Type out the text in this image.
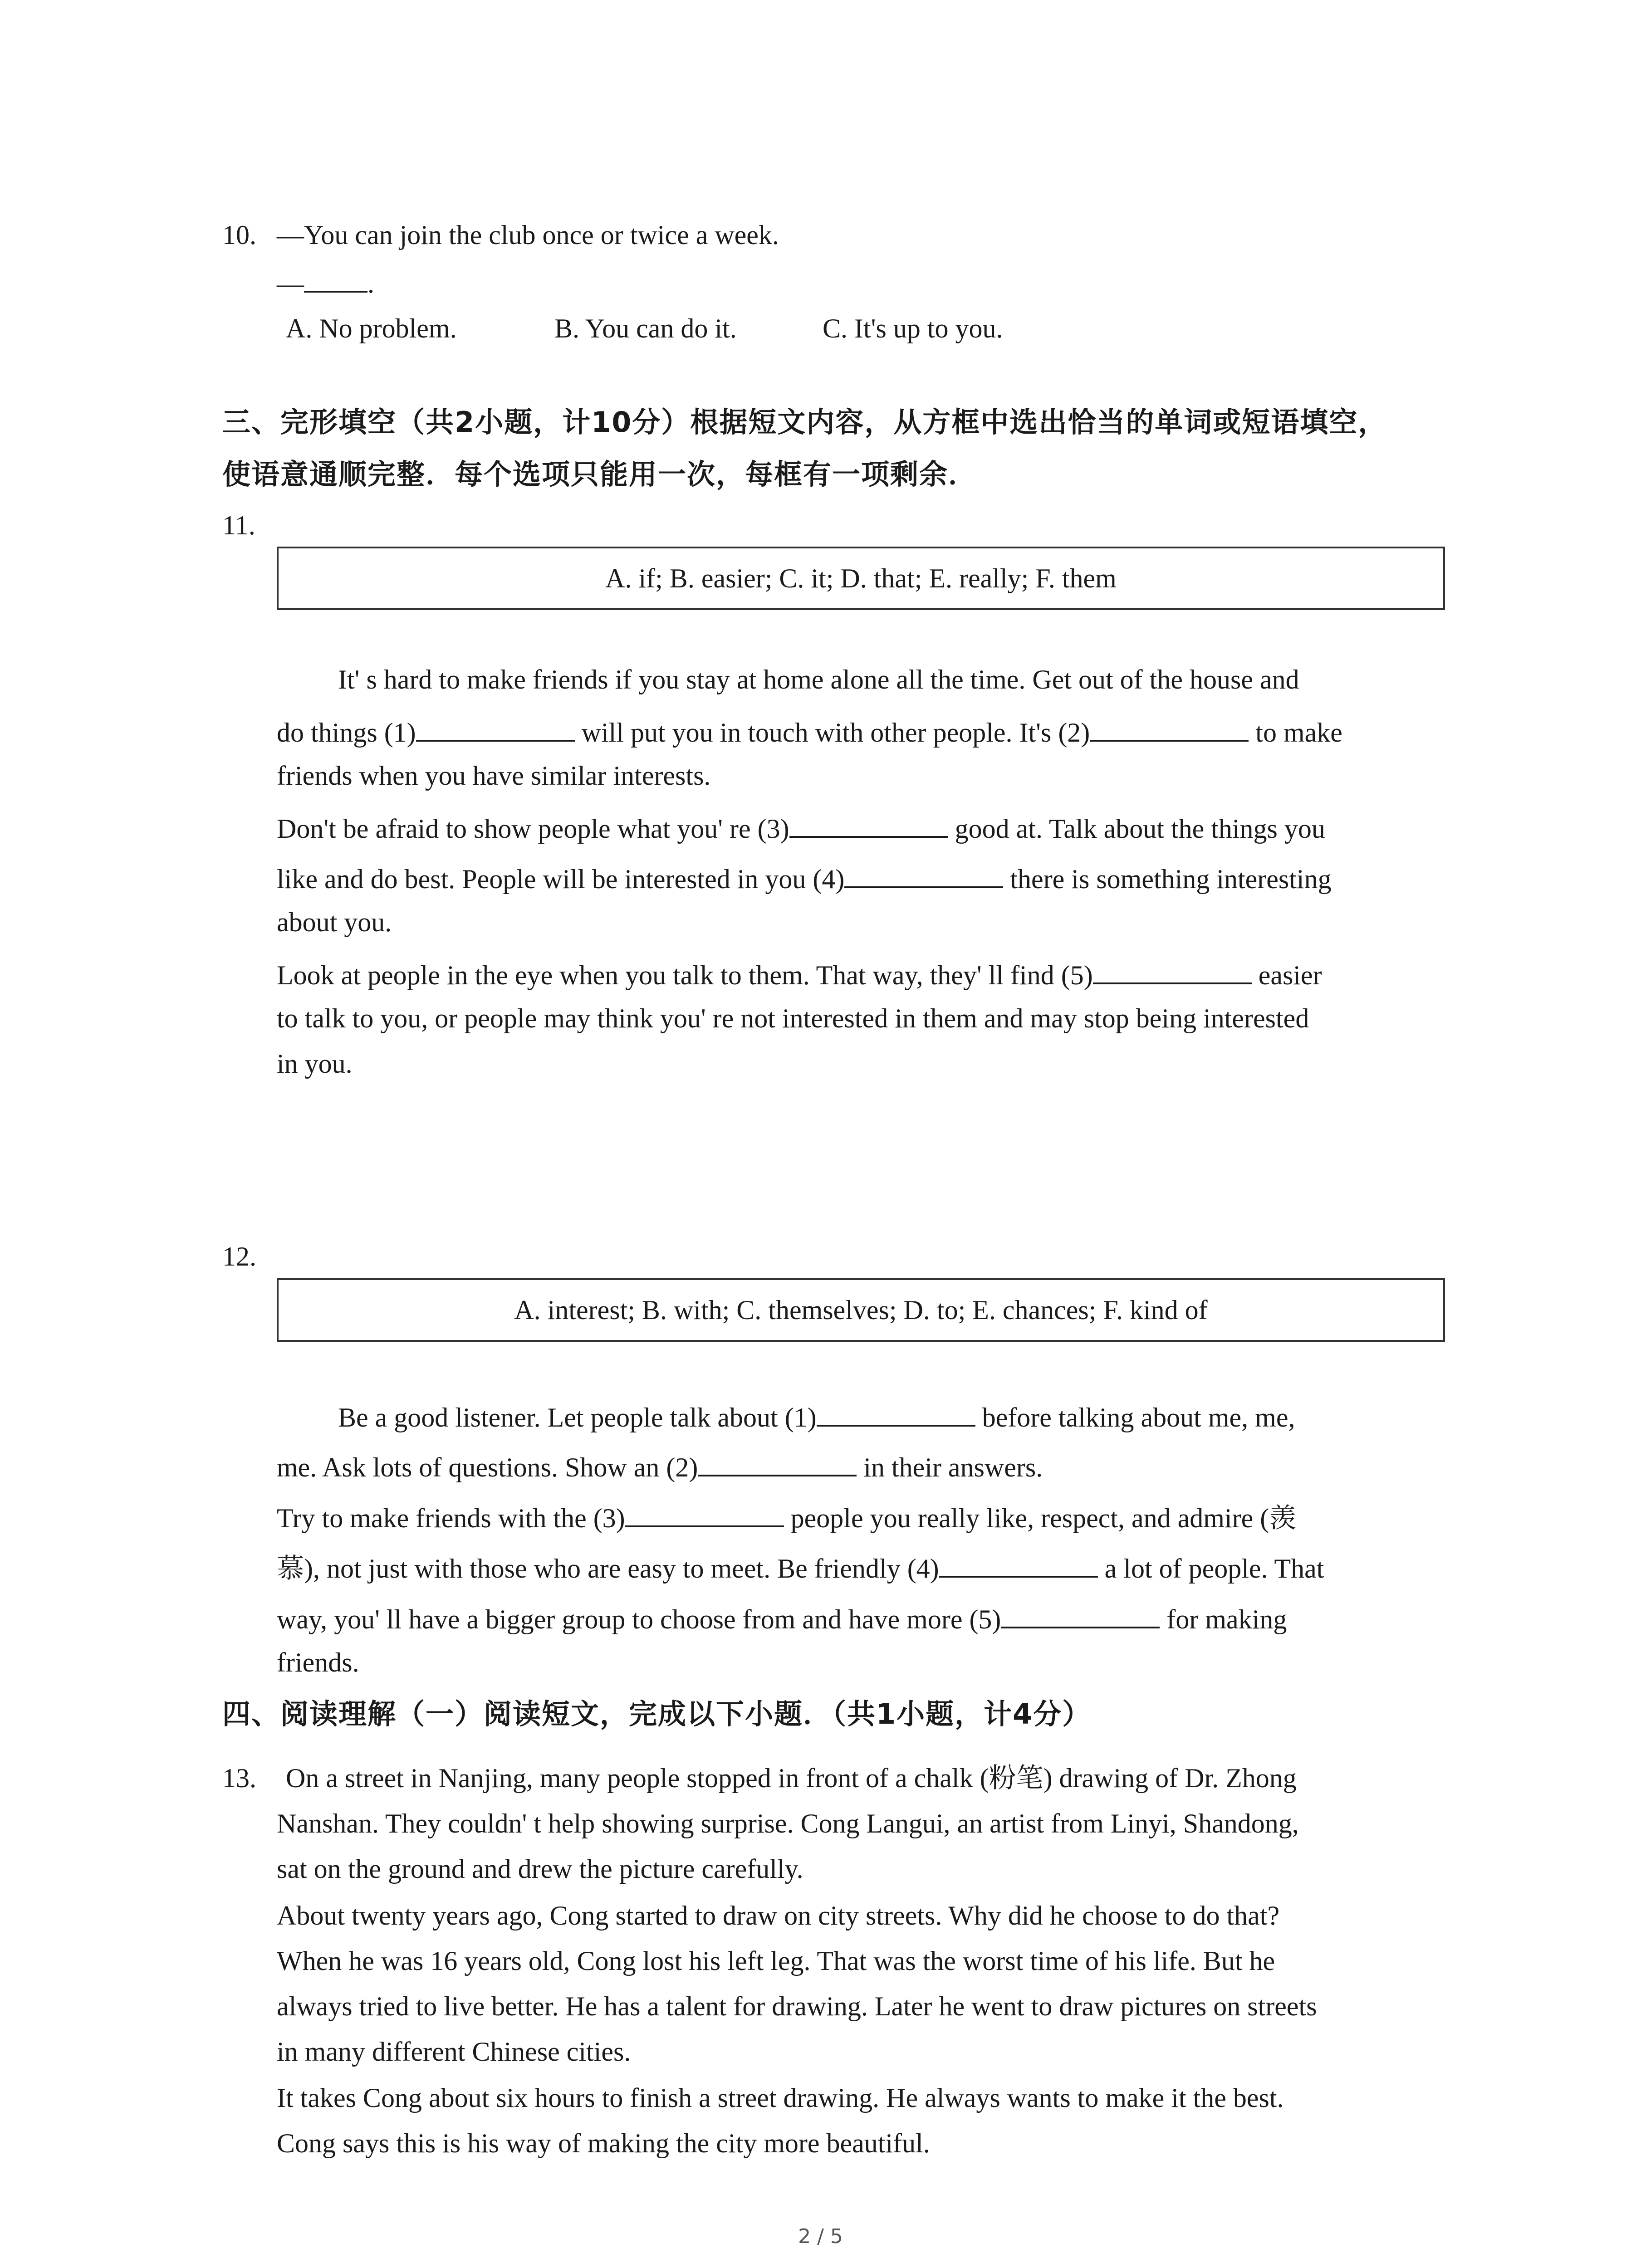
10. —You can join the club once or twice a week.
— .
A. No problem.	B. You can do it.	C. It's up to you.
三、完形填空（共2小题，计10分）根据短文内容，从方框中选出恰当的单词或短语填空，
使语意通顺完整．每个选项只能用一次，每框有一项剩余．
11.
A. if; B. easier; C. it; D. that; E. really; F. them
It' s hard to make friends if you stay at home alone all the time. Get out of the house and
do things (1)	will put you in touch with other people. It's (2)	to make
friends when you have similar interests.
Don't be afraid to show people what you' re (3)	good at. Talk about the things you
like and do best. People will be interested in you (4)	there is something interesting
about you.
Look at people in the eye when you talk to them. That way, they' ll find (5)	easier
to talk to you, or people may think you' re not interested in them and may stop being interested
in you.
12.
A. interest; B. with; C. themselves; D. to; E. chances; F. kind of
Be a good listener. Let people talk about (1)	before talking about me, me,
me. Ask lots of questions. Show an (2)	in their answers.
Try to make friends with the (3)	people you really like, respect, and admire (羡
慕), not just with those who are easy to meet. Be friendly (4)	a lot of people. That
way, you' ll have a bigger group to choose from and have more (5)	for making
friends.
四、阅读理解（一）阅读短文，完成以下小题．（共1小题，计4分）
13. On a street in Nanjing, many people stopped in front of a chalk (粉笔) drawing of Dr. Zhong
Nanshan. They couldn' t help showing surprise. Cong Langui, an artist from Linyi, Shandong,
sat on the ground and drew the picture carefully.
About twenty years ago, Cong started to draw on city streets. Why did he choose to do that?
When he was 16 years old, Cong lost his left leg. That was the worst time of his life. But he
always tried to live better. He has a talent for drawing. Later he went to draw pictures on streets
in many different Chinese cities.
It takes Cong about six hours to finish a street drawing. He always wants to make it the best.
Cong says this is his way of making the city more beautiful.
2 / 5
